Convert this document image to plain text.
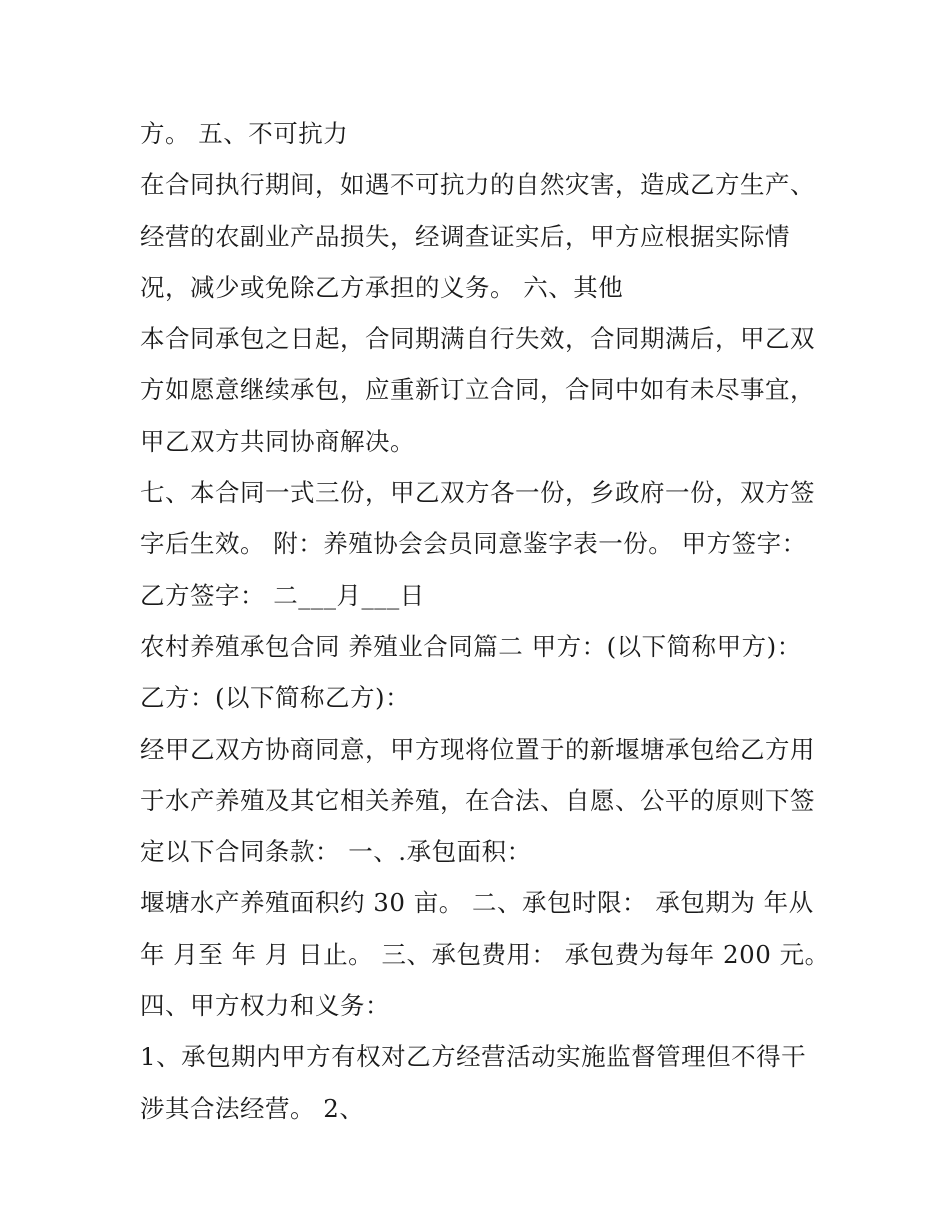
方。 五、不可抗力
在合同执行期间，如遇不可抗力的自然灾害，造成乙方生产、
经营的农副业产品损失，经调查证实后，甲方应根据实际情
况，减少或免除乙方承担的义务。 六、其他
本合同承包之日起，合同期满自行失效，合同期满后，甲乙双
方如愿意继续承包，应重新订立合同，合同中如有未尽事宜，
甲乙双方共同协商解决。
七、本合同一式三份，甲乙双方各一份，乡政府一份，双方签
字后生效。 附：养殖协会会员同意鉴字表一份。 甲方签字：
乙方签字： 二___月___日
农村养殖承包合同 养殖业合同篇二 甲方：(以下简称甲方)：
乙方：(以下简称乙方)：
经甲乙双方协商同意，甲方现将位置于的新堰塘承包给乙方用
于水产养殖及其它相关养殖，在合法、自愿、公平的原则下签
定以下合同条款： 一、.承包面积：
堰塘水产养殖面积约 30 亩。 二、承包时限： 承包期为 年从
年 月至 年 月 日止。 三、承包费用： 承包费为每年 200 元。
四、甲方权力和义务：
1、承包期内甲方有权对乙方经营活动实施监督管理但不得干
涉其合法经营。 2、
